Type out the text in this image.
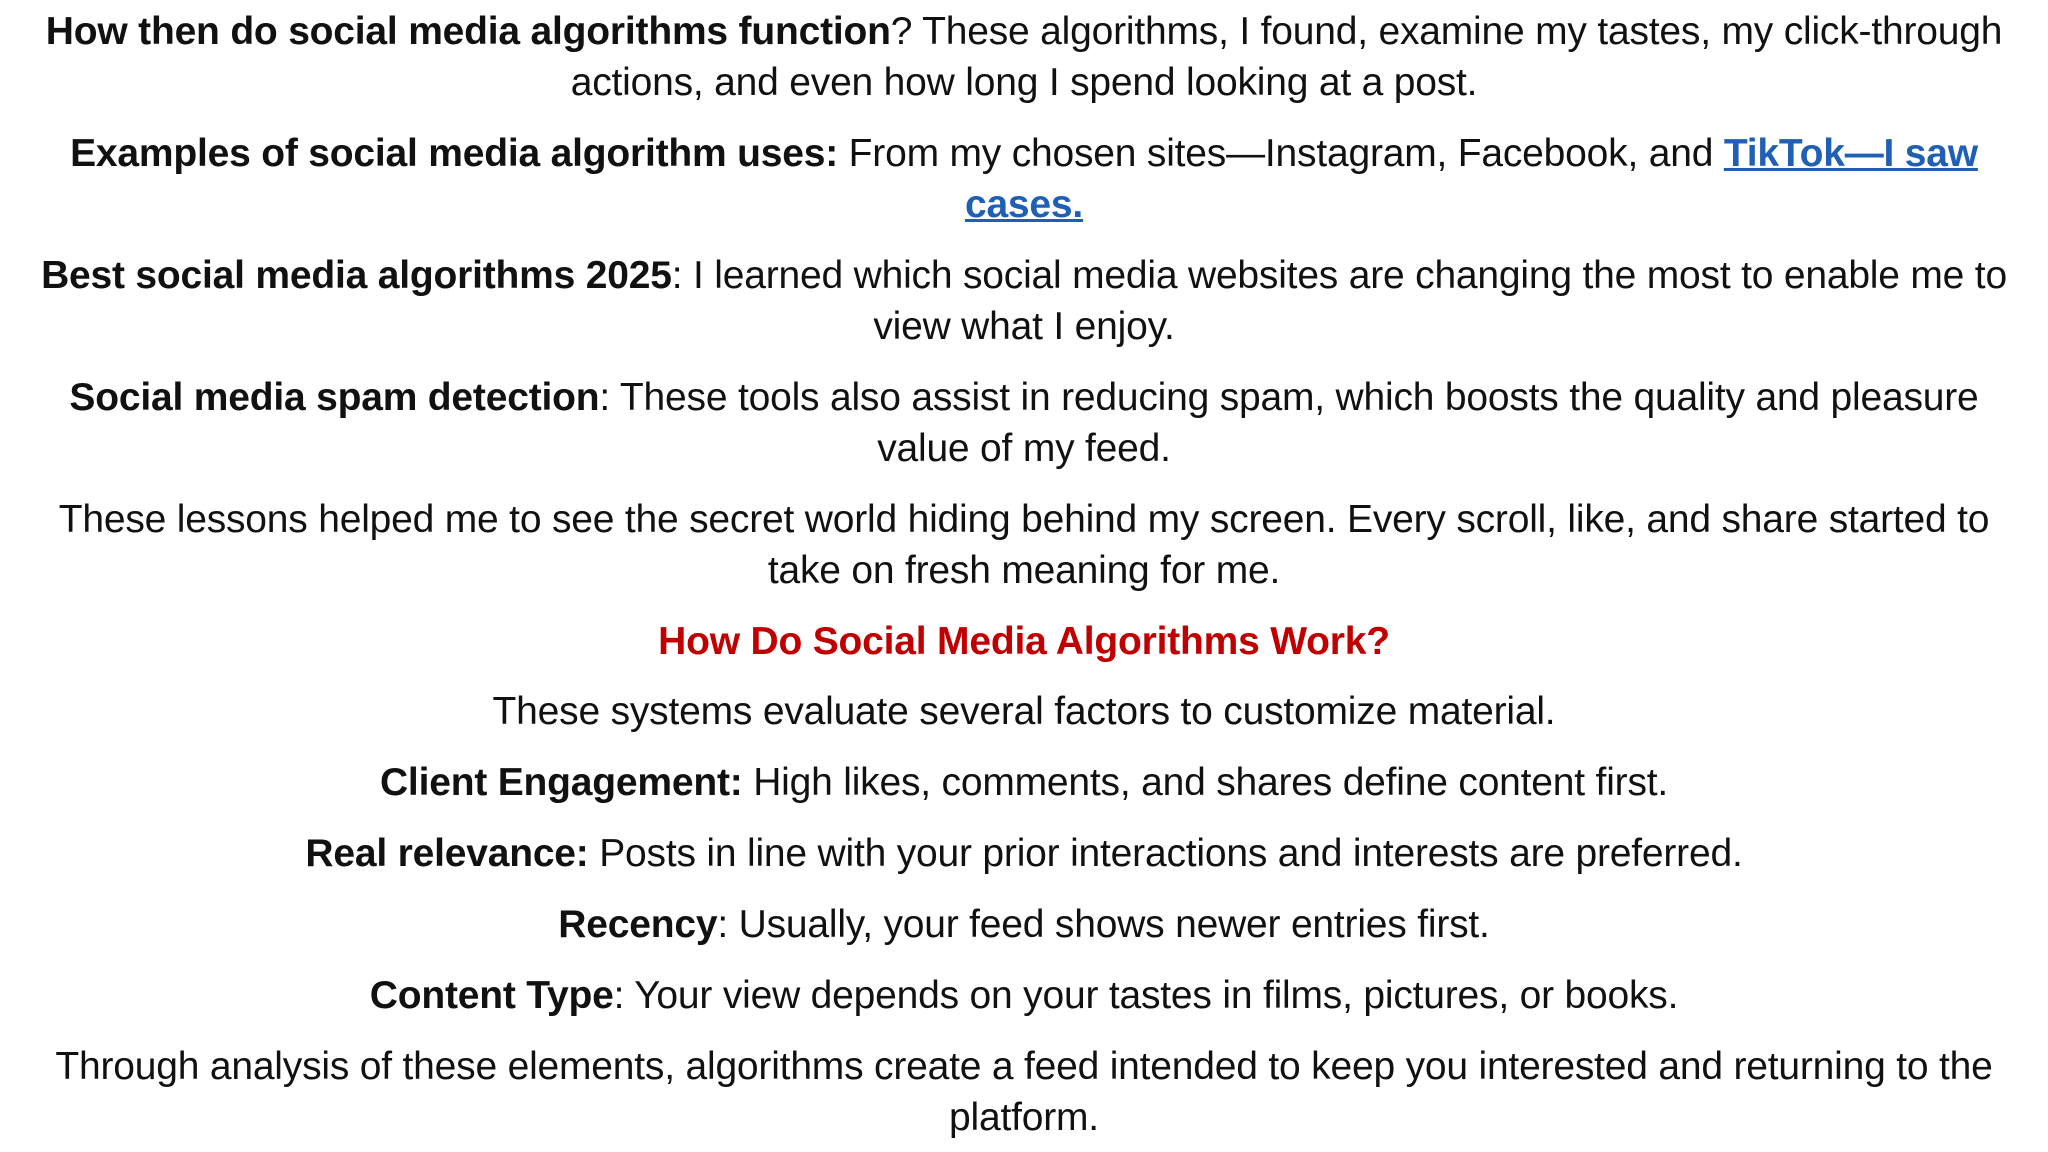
How then do social media algorithms function? These algorithms, I found, examine my tastes, my click-through actions, and even how long I spend looking at a post.

Examples of social media algorithm uses: From my chosen sites—Instagram, Facebook, and TikTok—I saw cases.

Best social media algorithms 2025: I learned which social media websites are changing the most to enable me to view what I enjoy.

Social media spam detection: These tools also assist in reducing spam, which boosts the quality and pleasure value of my feed.

These lessons helped me to see the secret world hiding behind my screen. Every scroll, like, and share started to take on fresh meaning for me.

How Do Social Media Algorithms Work?

These systems evaluate several factors to customize material.

Client Engagement: High likes, comments, and shares define content first.

Real relevance: Posts in line with your prior interactions and interests are preferred.

Recency: Usually, your feed shows newer entries first.

Content Type: Your view depends on your tastes in films, pictures, or books.

Through analysis of these elements, algorithms create a feed intended to keep you interested and returning to the platform.
